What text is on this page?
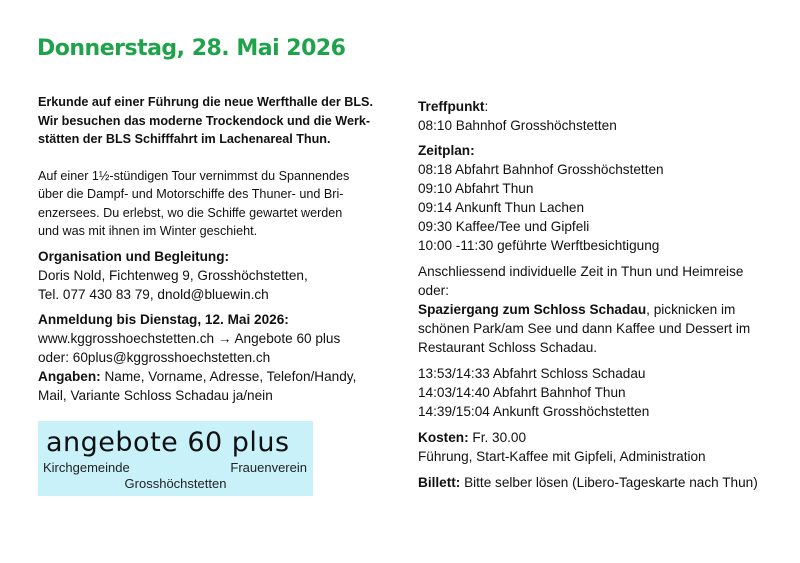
Donnerstag, 28. Mai 2026

Erkunde auf einer Führung die neue Werfthalle der BLS.

Wir besuchen das moderne Trockendock und die Werk-

stätten der BLS Schifffahrt im Lachenareal Thun.

Auf einer 1½-stündigen Tour vernimmst du Spannendes

über die Dampf- und Motorschiffe des Thuner- und Bri-

enzersees. Du erlebst, wo die Schiffe gewartet werden

und was mit ihnen im Winter geschieht.

Organisation und Begleitung:

Doris Nold, Fichtenweg 9, Grosshöchstetten,

Tel. 077 430 83 79, dnold@bluewin.ch

Anmeldung bis Dienstag, 12. Mai 2026:

www.kggrosshoechstetten.ch → Angebote 60 plus

oder: 60plus@kggrosshoechstetten.ch

Angaben: Name, Vorname, Adresse, Telefon/Handy,

Mail, Variante Schloss Schadau ja/nein

angebote 60 plus
Kirchgemeinde	Frauenverein
Grosshöchstetten

Treffpunkt:

08:10 Bahnhof Grosshöchstetten

Zeitplan:

08:18 Abfahrt Bahnhof Grosshöchstetten

09:10 Abfahrt Thun

09:14 Ankunft Thun Lachen

09:30 Kaffee/Tee und Gipfeli

10:00 -11:30 geführte Werftbesichtigung

Anschliessend individuelle Zeit in Thun und Heimreise

oder:

Spaziergang zum Schloss Schadau, picknicken im

schönen Park/am See und dann Kaffee und Dessert im

Restaurant Schloss Schadau.

13:53/14:33 Abfahrt Schloss Schadau

14:03/14:40 Abfahrt Bahnhof Thun

14:39/15:04 Ankunft Grosshöchstetten

Kosten: Fr. 30.00

Führung, Start-Kaffee mit Gipfeli, Administration

Billett: Bitte selber lösen (Libero-Tageskarte nach Thun)
